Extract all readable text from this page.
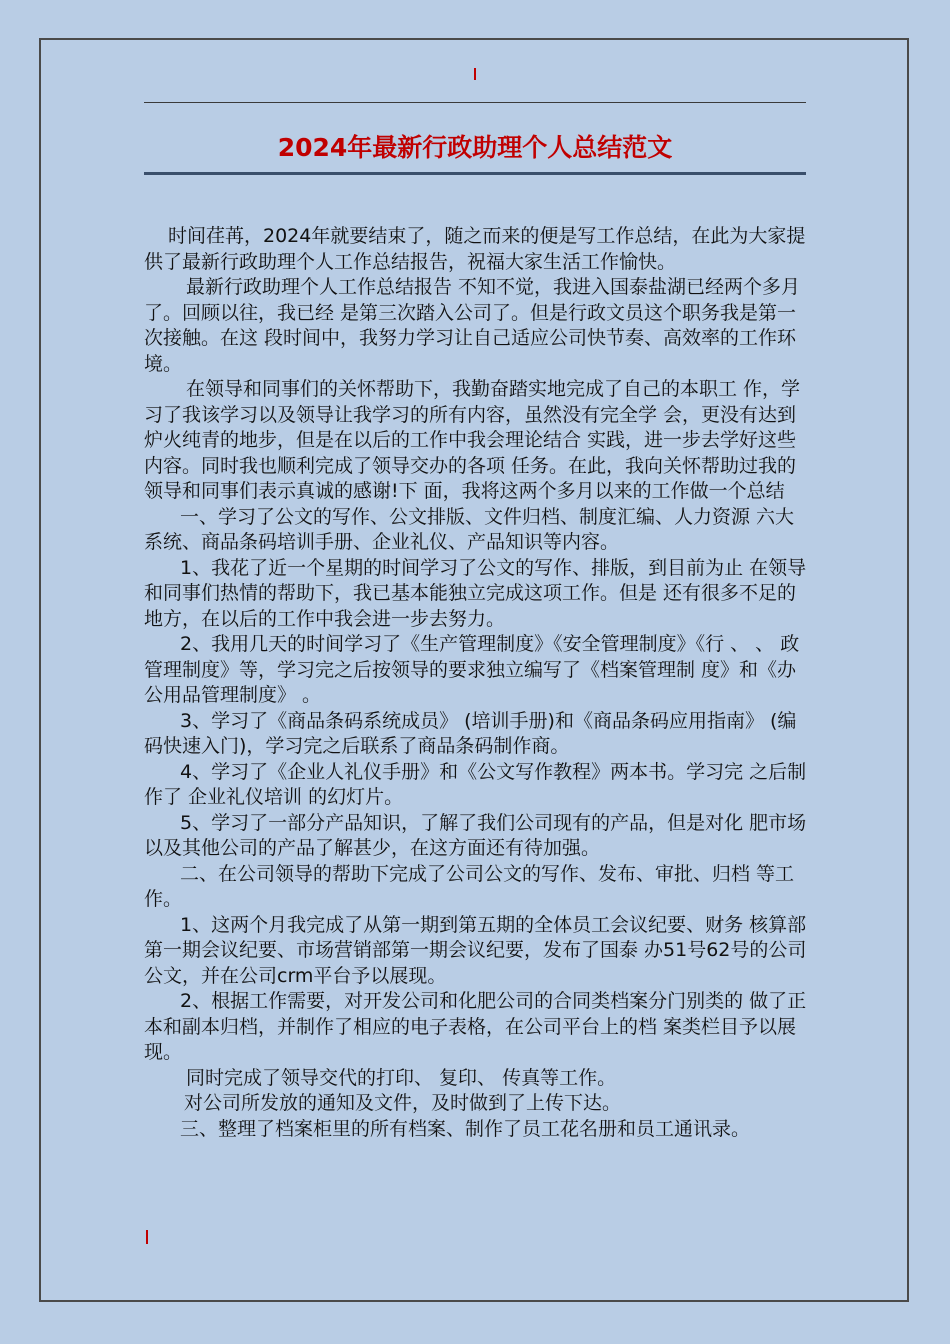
2024年最新行政助理个人总结范文

时间荏苒，2024年就要结束了，随之而来的便是写工作总结，在此为大家提供了最新行政助理个人工作总结报告，祝福大家生活工作愉快。

最新行政助理个人工作总结报告 不知不觉，我进入国泰盐湖已经两个多月了。回顾以往，我已经 是第三次踏入公司了。但是行政文员这个职务我是第一次接触。在这 段时间中，我努力学习让自己适应公司快节奏、高效率的工作环境。

在领导和同事们的关怀帮助下，我勤奋踏实地完成了自己的本职工 作，学习了我该学习以及领导让我学习的所有内容，虽然没有完全学 会，更没有达到炉火纯青的地步，但是在以后的工作中我会理论结合 实践，进一步去学好这些内容。同时我也顺利完成了领导交办的各项 任务。在此，我向关怀帮助过我的领导和同事们表示真诚的感谢!下 面，我将这两个多月以来的工作做一个总结

一、学习了公文的写作、公文排版、文件归档、制度汇编、人力资源 六大系统、商品条码培训手册、企业礼仪、产品知识等内容。

1、我花了近一个星期的时间学习了公文的写作、排版，到目前为止 在领导和同事们热情的帮助下，我已基本能独立完成这项工作。但是 还有很多不足的地方，在以后的工作中我会进一步去努力。

2、我用几天的时间学习了《生产管理制度》《安全管理制度》《行 、 、 政管理制度》等，学习完之后按领导的要求独立编写了《档案管理制 度》和《办公用品管理制度》 。

3、学习了《商品条码系统成员》 (培训手册)和《商品条码应用指南》 (编码快速入门)，学习完之后联系了商品条码制作商。

4、学习了《企业人礼仪手册》和《公文写作教程》两本书。学习完 之后制作了 企业礼仪培训 的幻灯片。

5、学习了一部分产品知识，了解了我们公司现有的产品，但是对化 肥市场以及其他公司的产品了解甚少，在这方面还有待加强。

二、在公司领导的帮助下完成了公司公文的写作、发布、审批、归档 等工作。

1、这两个月我完成了从第一期到第五期的全体员工会议纪要、财务 核算部第一期会议纪要、市场营销部第一期会议纪要，发布了国泰 办51号62号的公司公文，并在公司crm平台予以展现。

2、根据工作需要，对开发公司和化肥公司的合同类档案分门别类的 做了正本和副本归档，并制作了相应的电子表格，在公司平台上的档 案类栏目予以展现。

同时完成了领导交代的打印、 复印、 传真等工作。

对公司所发放的通知及文件，及时做到了上传下达。

三、整理了档案柜里的所有档案、制作了员工花名册和员工通讯录。
